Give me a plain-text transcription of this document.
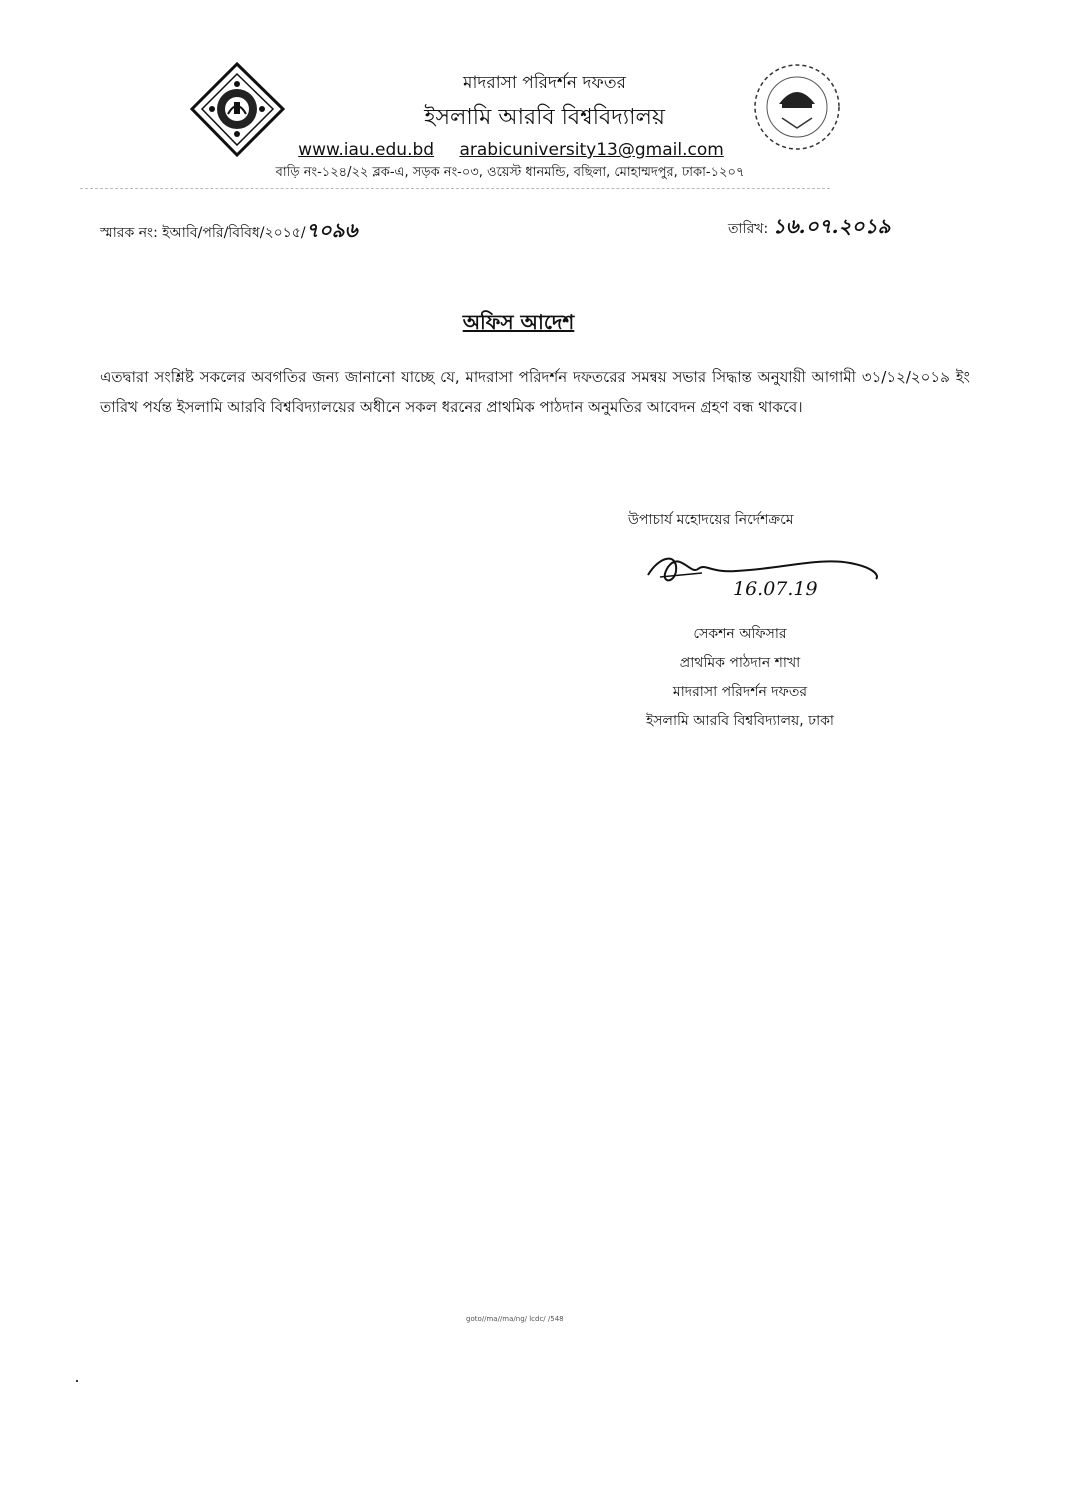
মাদরাসা পরিদর্শন দফতর
ইসলামি আরবি বিশ্ববিদ্যালয়
www.iau.edu.bd arabicuniversity13@gmail.com
বাড়ি নং-১২৪/২২ ব্লক-এ, সড়ক নং-০৩, ওয়েস্ট ধানমন্ডি, বছিলা, মোহাম্মদপুর, ঢাকা-১২০৭
স্মারক নং: ইআবি/পরি/বিবিধ/২০১৫/৭০৯৬	তারিখ: ১৬.০৭.২০১৯
অফিস আদেশ
এতদ্বারা সংশ্লিষ্ট সকলের অবগতির জন্য জানানো যাচ্ছে যে, মাদরাসা পরিদর্শন দফতরের সমন্বয় সভার সিদ্ধান্ত অনুযায়ী আগামী ৩১/১২/২০১৯ ইং তারিখ পর্যন্ত ইসলামি আরবি বিশ্ববিদ্যালয়ের অধীনে সকল ধরনের প্রাথমিক পাঠদান অনুমতির আবেদন গ্রহণ বন্ধ থাকবে।
উপাচার্য মহোদয়ের নির্দেশক্রমে
16.07.19
সেকশন অফিসার
প্রাথমিক পাঠদান শাখা
মাদরাসা পরিদর্শন দফতর
ইসলামি আরবি বিশ্ববিদ্যালয়, ঢাকা
goto//ma//ma/ng/ lcdc/ /548
